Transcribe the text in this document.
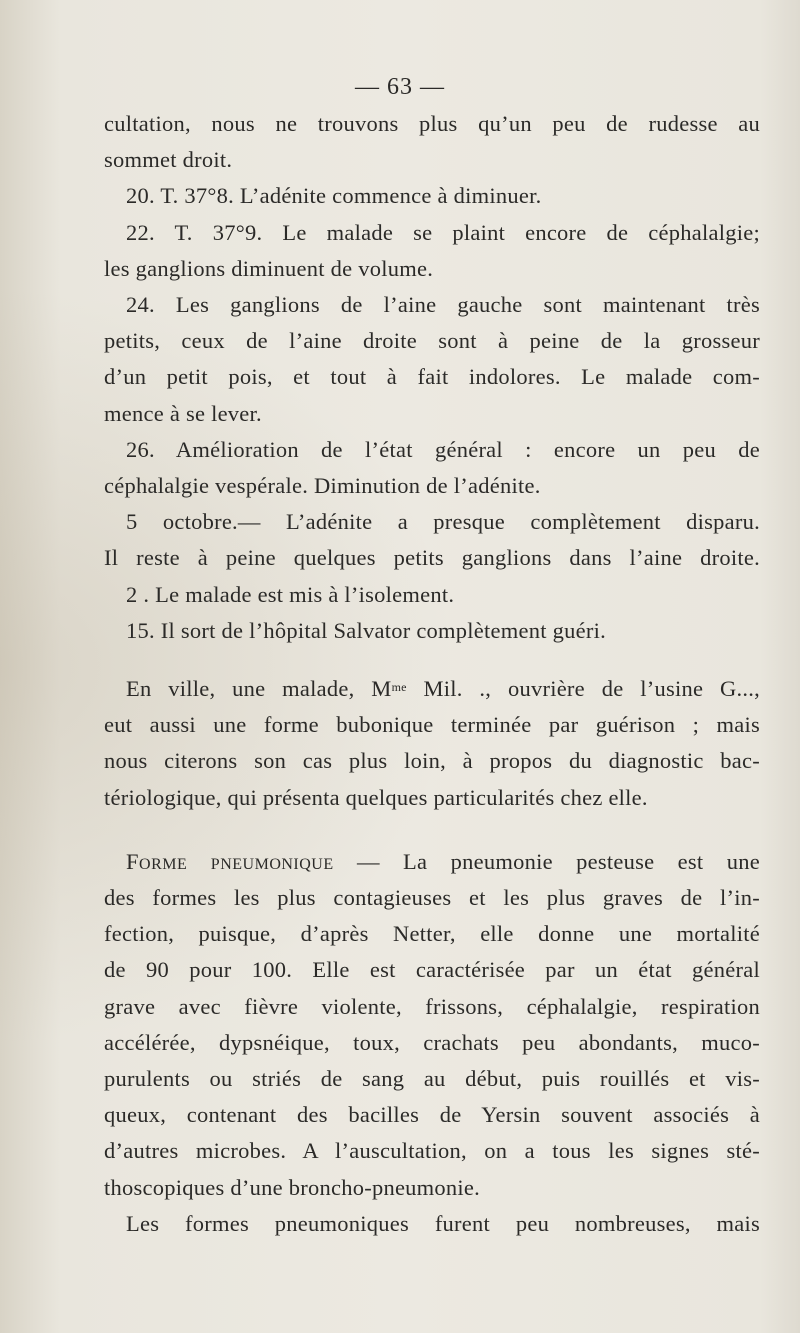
— 63 —
cultation, nous ne trouvons plus qu’un peu de rudesse au
sommet droit.
20. T. 37°8. L’adénite commence à diminuer.
22. T. 37°9. Le malade se plaint encore de céphalalgie;
les ganglions diminuent de volume.
24. Les ganglions de l’aine gauche sont maintenant très
petits, ceux de l’aine droite sont à peine de la grosseur
d’un petit pois, et tout à fait indolores. Le malade com-
mence à se lever.
26. Amélioration de l’état général : encore un peu de
céphalalgie vespérale. Diminution de l’adénite.
5 octobre.— L’adénite a presque complètement disparu.
Il reste à peine quelques petits ganglions dans l’aine droite.
2 . Le malade est mis à l’isolement.
15. Il sort de l’hôpital Salvator complètement guéri.
En ville, une malade, $M^{me}$ Mil. ., ouvrière de l’usine G...,
eut aussi une forme bubonique terminée par guérison ; mais
nous citerons son cas plus loin, à propos du diagnostic bac-
tériologique, qui présenta quelques particularités chez elle.
Forme pneumonique — La pneumonie pesteuse est une
des formes les plus contagieuses et les plus graves de l’in-
fection, puisque, d’après Netter, elle donne une mortalité
de 90 pour 100. Elle est caractérisée par un état général
grave avec fièvre violente, frissons, céphalalgie, respiration
accélérée, dypsnéique, toux, crachats peu abondants, muco-
purulents ou striés de sang au début, puis rouillés et vis-
queux, contenant des bacilles de Yersin souvent associés à
d’autres microbes. A l’auscultation, on a tous les signes sté-
thoscopiques d’une broncho-pneumonie.
Les formes pneumoniques furent peu nombreuses, mais
